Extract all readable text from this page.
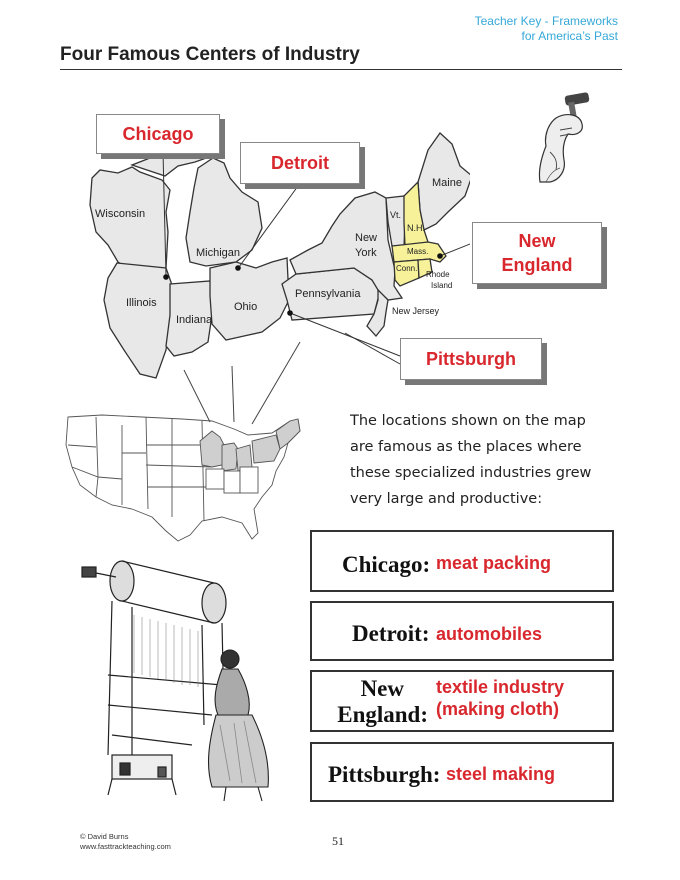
Teacher Key - Frameworks
for America’s Past
Four Famous Centers of Industry
Wisconsin
Michigan
Illinois
Indiana
Ohio
Pennsylvania
New
York
Maine
Vt.
N.H.
Mass.
Conn.
Rhode
Island
New Jersey
Chicago
Detroit
New
England
Pittsburgh
The locations shown on the map
are famous as the places where
these specialized industries grew
very large and productive:
Chicago: meat packing
Detroit: automobiles
New
England:
textile industry
(making cloth)
Pittsburgh: steel making
© David Burns
www.fasttrackteaching.com	51
